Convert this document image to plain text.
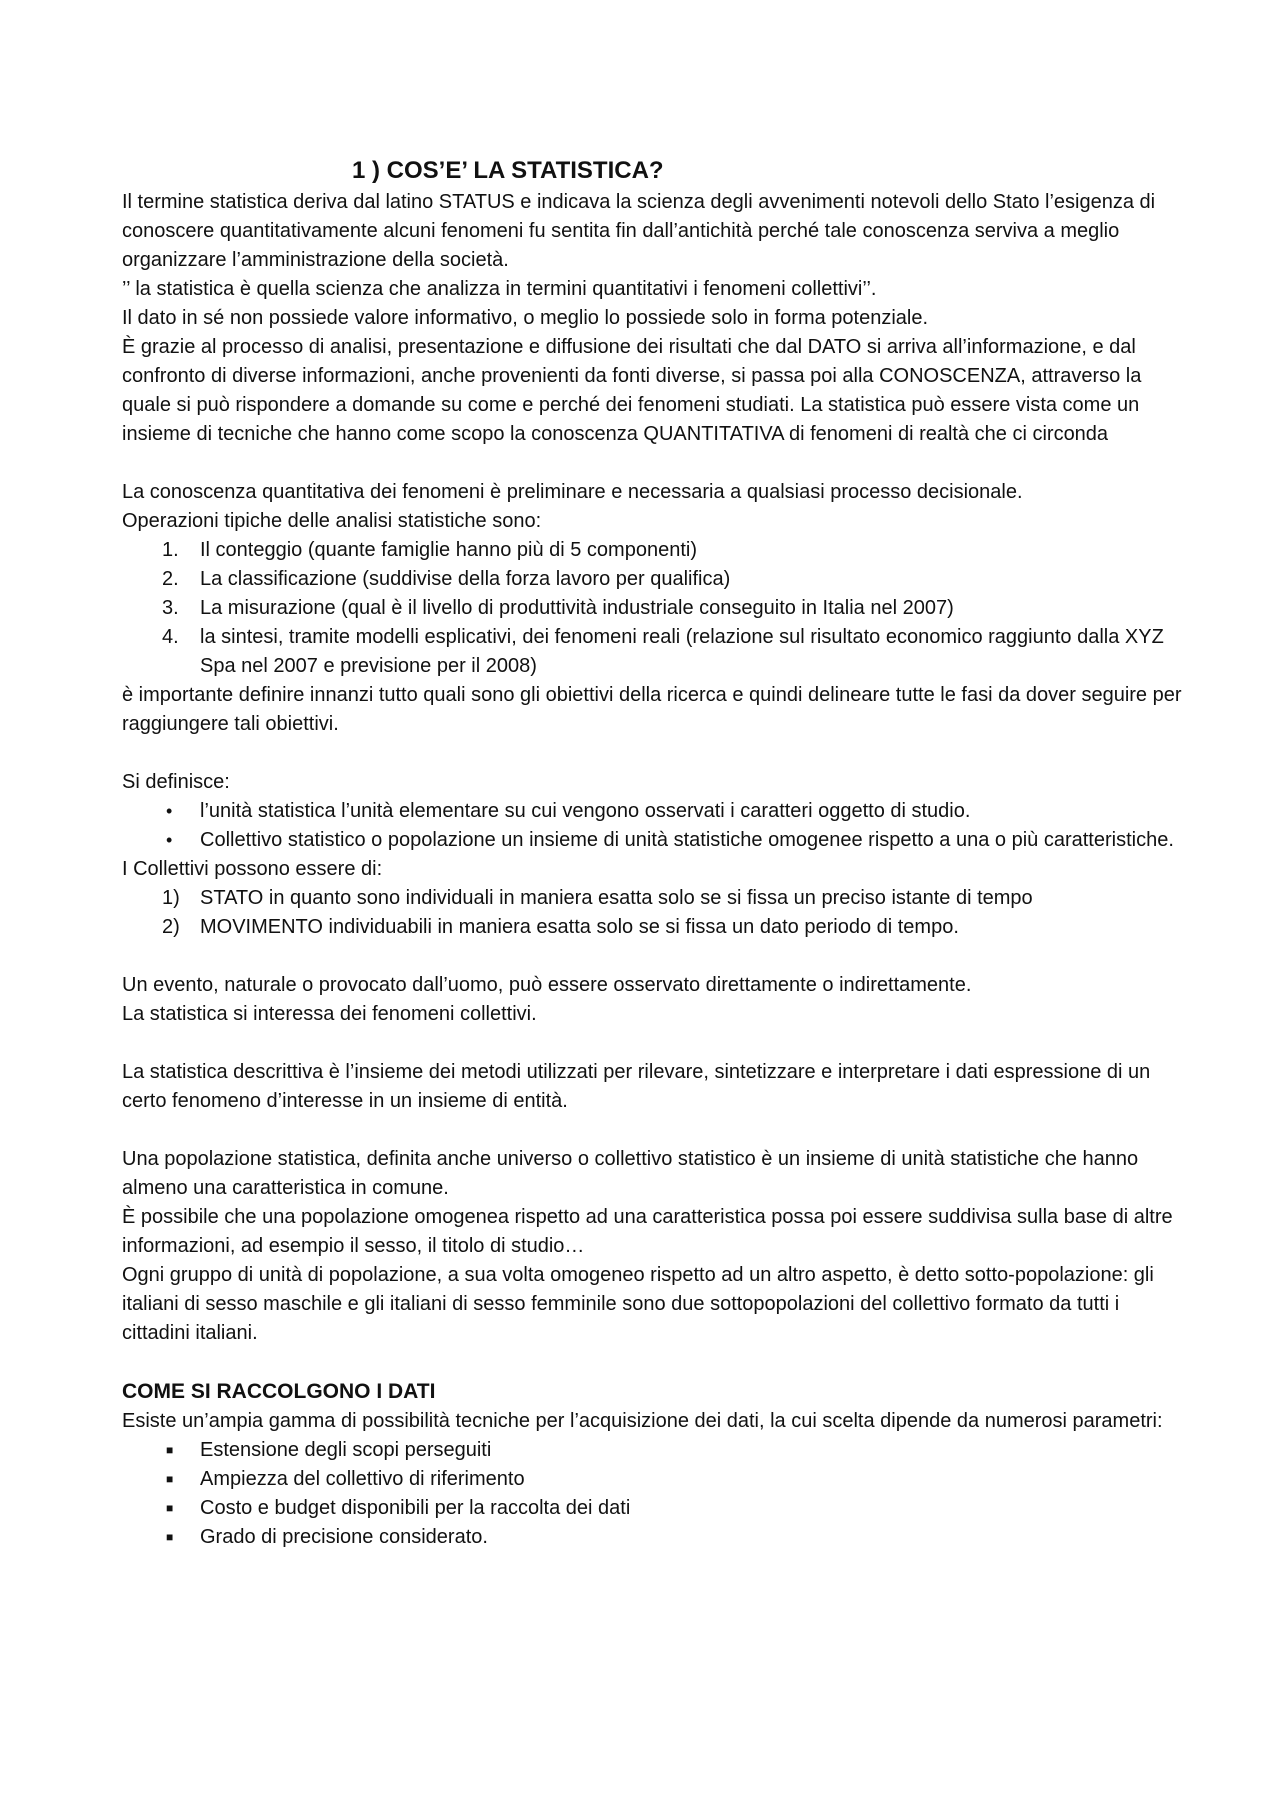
1 ) COS’E’ LA STATISTICA?

Il termine statistica deriva dal latino STATUS e indicava la scienza degli avvenimenti notevoli dello Stato l’esigenza di conoscere quantitativamente alcuni fenomeni fu sentita fin dall’antichità perché tale conoscenza serviva a meglio organizzare l’amministrazione della società.

’’ la statistica è quella scienza che analizza in termini quantitativi i fenomeni collettivi’’.

Il dato in sé non possiede valore informativo, o meglio lo possiede solo in forma potenziale.

È grazie al processo di analisi, presentazione e diffusione dei risultati che dal DATO si arriva all’informazione, e dal confronto di diverse informazioni, anche provenienti da fonti diverse, si passa poi alla CONOSCENZA, attraverso la quale si può rispondere a domande su come e perché dei fenomeni studiati. La statistica può essere vista come un insieme di tecniche che hanno come scopo la conoscenza QUANTITATIVA di fenomeni di realtà che ci circonda

La conoscenza quantitativa dei fenomeni è preliminare e necessaria a qualsiasi processo decisionale.

Operazioni tipiche delle analisi statistiche sono:

1. Il conteggio (quante famiglie hanno più di 5 componenti)
2. La classificazione (suddivise della forza lavoro per qualifica)
3. La misurazione (qual è il livello di produttività industriale conseguito in Italia nel 2007)
4. la sintesi, tramite modelli esplicativi, dei fenomeni reali (relazione sul risultato economico raggiunto dalla XYZ Spa nel 2007 e previsione per il 2008)

è importante definire innanzi tutto quali sono gli obiettivi della ricerca e quindi delineare tutte le fasi da dover seguire per raggiungere tali obiettivi.

Si definisce:

• l’unità statistica l’unità elementare su cui vengono osservati i caratteri oggetto di studio.
• Collettivo statistico o popolazione un insieme di unità statistiche omogenee rispetto a una o più caratteristiche.

I Collettivi possono essere di:

1) STATO in quanto sono individuali in maniera esatta solo se si fissa un preciso istante di tempo
2) MOVIMENTO individuabili in maniera esatta solo se si fissa un dato periodo di tempo.

Un evento, naturale o provocato dall’uomo, può essere osservato direttamente o indirettamente.

La statistica si interessa dei fenomeni collettivi.

La statistica descrittiva è l’insieme dei metodi utilizzati per rilevare, sintetizzare e interpretare i dati espressione di un certo fenomeno d’interesse in un insieme di entità.

Una popolazione statistica, definita anche universo o collettivo statistico è un insieme di unità statistiche che hanno almeno una caratteristica in comune.

È possibile che una popolazione omogenea rispetto ad una caratteristica possa poi essere suddivisa sulla base di altre informazioni, ad esempio il sesso, il titolo di studio…

Ogni gruppo di unità di popolazione, a sua volta omogeneo rispetto ad un altro aspetto, è detto sotto-popolazione: gli italiani di sesso maschile e gli italiani di sesso femminile sono due sottopopolazioni del collettivo formato da tutti i cittadini italiani.

COME SI RACCOLGONO I DATI

Esiste un’ampia gamma di possibilità tecniche per l’acquisizione dei dati, la cui scelta dipende da numerosi parametri:

■ Estensione degli scopi perseguiti
■ Ampiezza del collettivo di riferimento
■ Costo e budget disponibili per la raccolta dei dati
■ Grado di precisione considerato.
